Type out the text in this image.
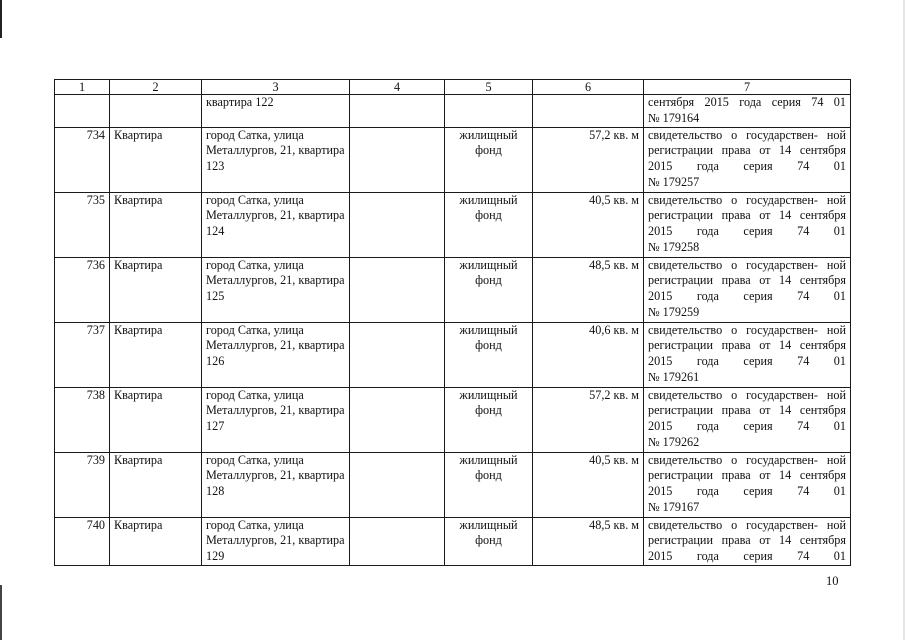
1	2	3	4	5	6	7
		квартира 122				сентября 2015 года серия 74 01
№ 179164

734	Квартира	город Сатка, улица Металлургов, 21, квартира 123		жилищный фонд	57,2 кв. м	свидетельство о государствен- ной регистрации права от 14 сентября 2015 года серия 74 01
№ 179257

735	Квартира	город Сатка, улица Металлургов, 21, квартира 124		жилищный фонд	40,5 кв. м	свидетельство о государствен- ной регистрации права от 14 сентября 2015 года серия 74 01
№ 179258

736	Квартира	город Сатка, улица Металлургов, 21, квартира 125		жилищный фонд	48,5 кв. м	свидетельство о государствен- ной регистрации права от 14 сентября 2015 года серия 74 01
№ 179259

737	Квартира	город Сатка, улица Металлургов, 21, квартира 126		жилищный фонд	40,6 кв. м	свидетельство о государствен- ной регистрации права от 14 сентября 2015 года серия 74 01
№ 179261

738	Квартира	город Сатка, улица Металлургов, 21, квартира 127		жилищный фонд	57,2 кв. м	свидетельство о государствен- ной регистрации права от 14 сентября 2015 года серия 74 01
№ 179262

739	Квартира	город Сатка, улица Металлургов, 21, квартира 128		жилищный фонд	40,5 кв. м	свидетельство о государствен- ной регистрации права от 14 сентября 2015 года серия 74 01
№ 179167

740	Квартира	город Сатка, улица Металлургов, 21, квартира 129		жилищный фонд	48,5 кв. м	свидетельство о государствен- ной регистрации права от 14 сентября 2015 года серия 74 01
10
